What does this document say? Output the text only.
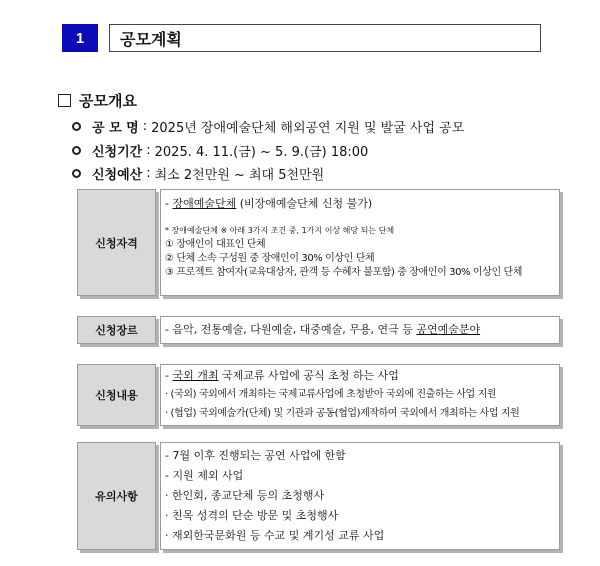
1	공모계획
공모개요
공 모 명 : 2025년 장애예술단체 해외공연 지원 및 발굴 사업 공모
신청기간 : 2025. 4. 11.(금) ~ 5. 9.(금) 18:00
신청예산 : 최소 2천만원 ~ 최대 5천만원
신청자격
- 장애예술단체 (비장애예술단체 신청 불가)
* 장애예술단체 ※ 아래 3가지 조건 중, 1가지 이상 해당 되는 단체
① 장애인이 대표인 단체
② 단체 소속 구성원 중 장애인이 30% 이상인 단체
③ 프로젝트 참여자(교육대상자, 관객 등 수혜자 불포함) 중 장애인이 30% 이상인 단체
신청장르	- 음악, 전통예술, 다원예술, 대중예술, 무용, 연극 등 공연예술분야
신청내용
- 국외 개최 국제교류 사업에 공식 초청 하는 사업
· (국외) 국외에서 개최하는 국제교류사업에 초청받아 국외에 진출하는 사업 지원
· (협업) 국외예술가(단체) 및 기관과 공동(협업)제작하여 국외에서 개최하는 사업 지원
유의사항
- 7월 이후 진행되는 공연 사업에 한함
- 지원 제외 사업
· 한인회, 종교단체 등의 초청행사
· 친목 성격의 단순 방문 및 초청행사
· 재외한국문화원 등 수교 및 계기성 교류 사업
